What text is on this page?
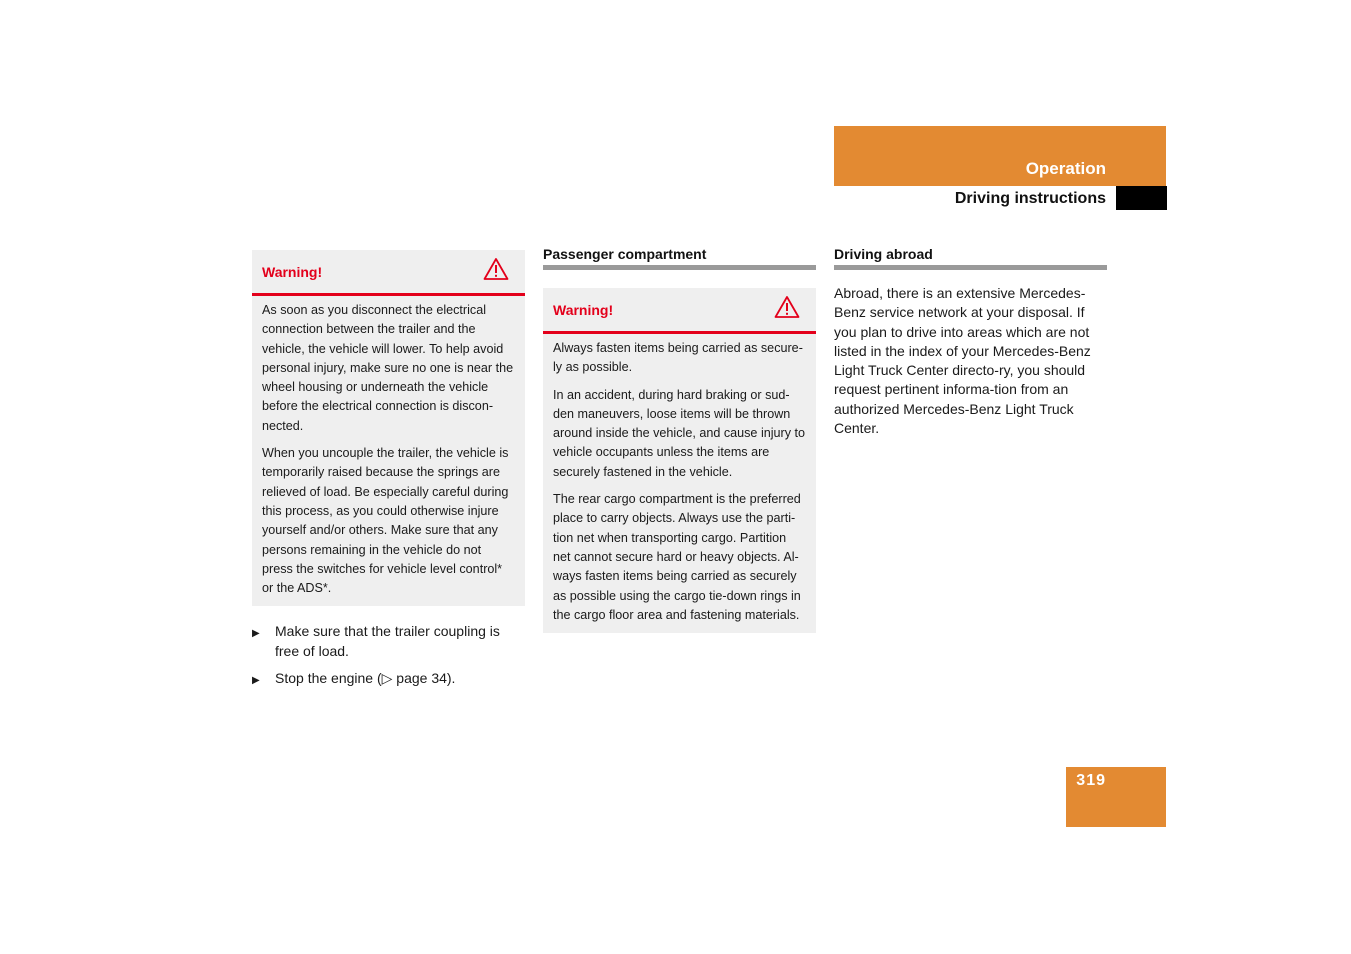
Operation
Driving instructions
Warning!

As soon as you disconnect the electrical connection between the trailer and the vehicle, the vehicle will lower. To help avoid personal injury, make sure no one is near the wheel housing or underneath the vehicle before the electrical connection is discon-nected.

When you uncouple the trailer, the vehicle is temporarily raised because the springs are relieved of load. Be especially careful during this process, as you could otherwise injure yourself and/or others. Make sure that any persons remaining in the vehicle do not press the switches for vehicle level control* or the ADS*.

▶	Make sure that the trailer coupling is free of load.
▶	Stop the engine (▷ page 34).
Passenger compartment
Warning!

Always fasten items being carried as secure-ly as possible.

In an accident, during hard braking or sud-den maneuvers, loose items will be thrown around inside the vehicle, and cause injury to vehicle occupants unless the items are securely fastened in the vehicle.

The rear cargo compartment is the preferred place to carry objects. Always use the parti-tion net when transporting cargo. Partition net cannot secure hard or heavy objects. Al-ways fasten items being carried as securely as possible using the cargo tie-down rings in the cargo floor area and fastening materials.

Driving abroad
Abroad, there is an extensive Mercedes-Benz service network at your disposal. If you plan to drive into areas which are not listed in the index of your Mercedes-Benz Light Truck Center directo-ry, you should request pertinent informa-tion from an authorized Mercedes-Benz Light Truck Center.
319
